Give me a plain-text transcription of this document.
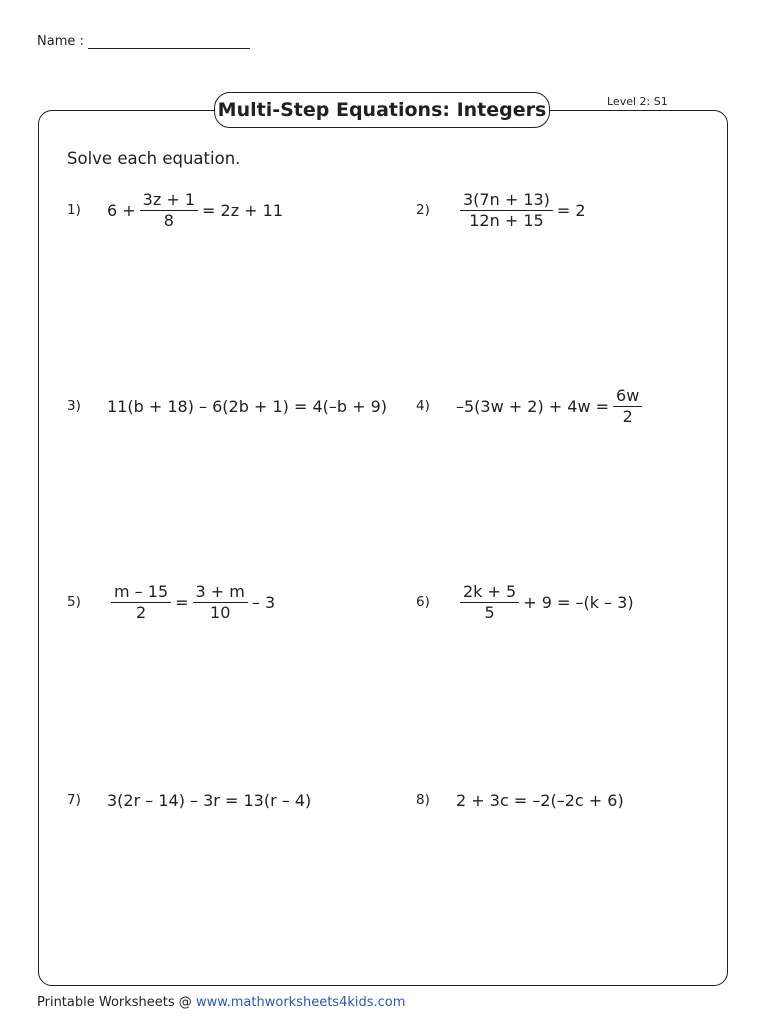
Name :
Multi-Step Equations: Integers	Level 2: S1
Solve each equation.
1)	$6 + \frac{3z + 1}{8} = 2z + 11$	2)	$\frac{3(7n + 13)}{12n + 15} = 2$
3)	11(b + 18) – 6(2b + 1) = 4(–b + 9) 4)	$-5(3w + 2) + 4w = \frac{6w}{2}$
5)	$\frac{m - 15}{2} = \frac{3 + m}{10} - 3$	6)	$\frac{2k + 5}{5} + 9 = -(k - 3)$
7)	3(2r – 14) – 3r = 13(r – 4)	8)	2 + 3c = –2(–2c + 6)
Printable Worksheets @ www.mathworksheets4kids.com
